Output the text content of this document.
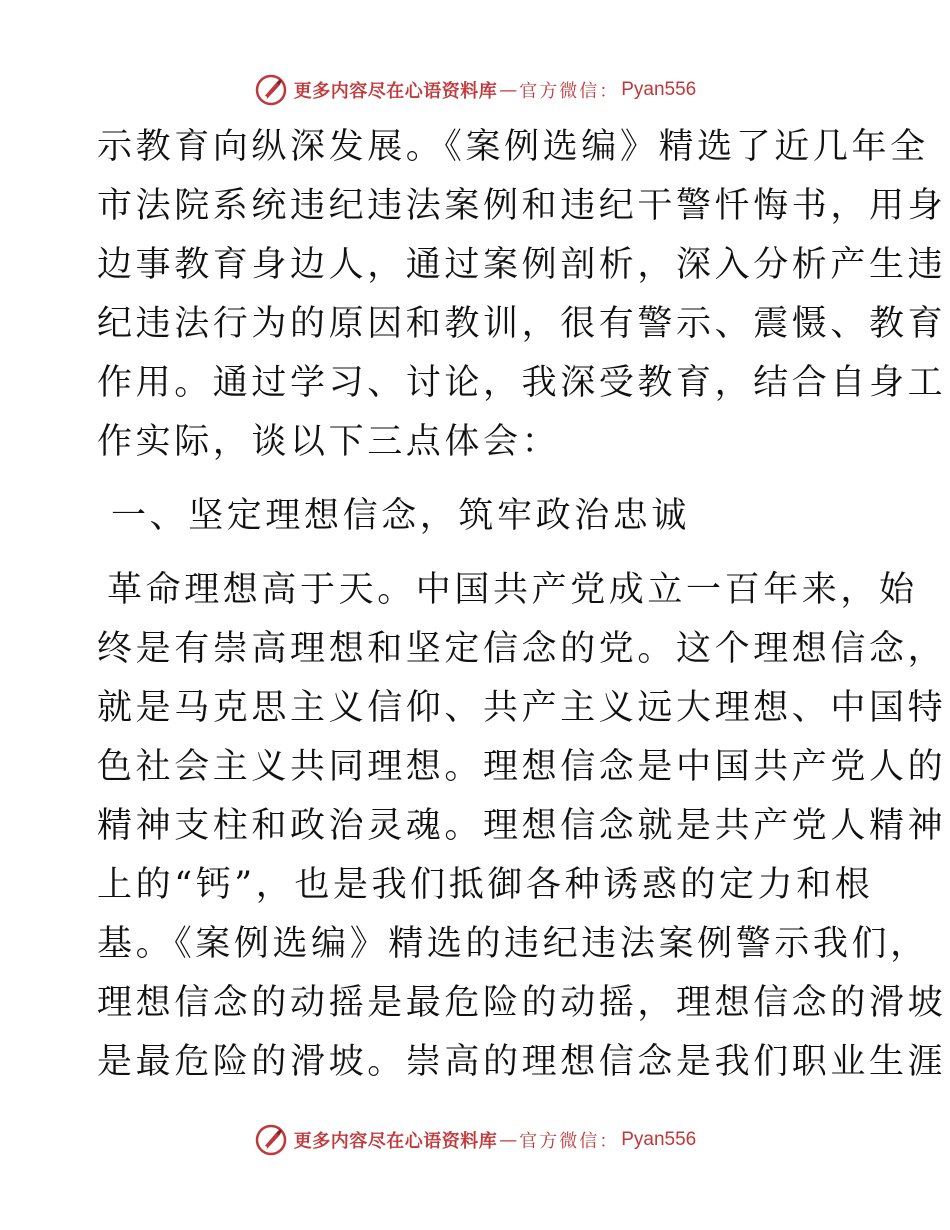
更多内容尽在心语资料库 — 官方微信： Pyan556
示教育向纵深发展。《案例选编》精选了近几年全
市法院系统违纪违法案例和违纪干警忏悔书，用身
边事教育身边人，通过案例剖析，深入分析产生违
纪违法行为的原因和教训，很有警示、震慑、教育
作用。通过学习、讨论，我深受教育，结合自身工
作实际，谈以下三点体会：
一、坚定理想信念，筑牢政治忠诚
革命理想高于天。中国共产党成立一百年来，始
终是有崇高理想和坚定信念的党。这个理想信念，
就是马克思主义信仰、共产主义远大理想、中国特
色社会主义共同理想。理想信念是中国共产党人的
精神支柱和政治灵魂。理想信念就是共产党人精神
上的“钙”，也是我们抵御各种诱惑的定力和根
基。《案例选编》精选的违纪违法案例警示我们，
理想信念的动摇是最危险的动摇，理想信念的滑坡
是最危险的滑坡。崇高的理想信念是我们职业生涯
更多内容尽在心语资料库 — 官方微信： Pyan556
